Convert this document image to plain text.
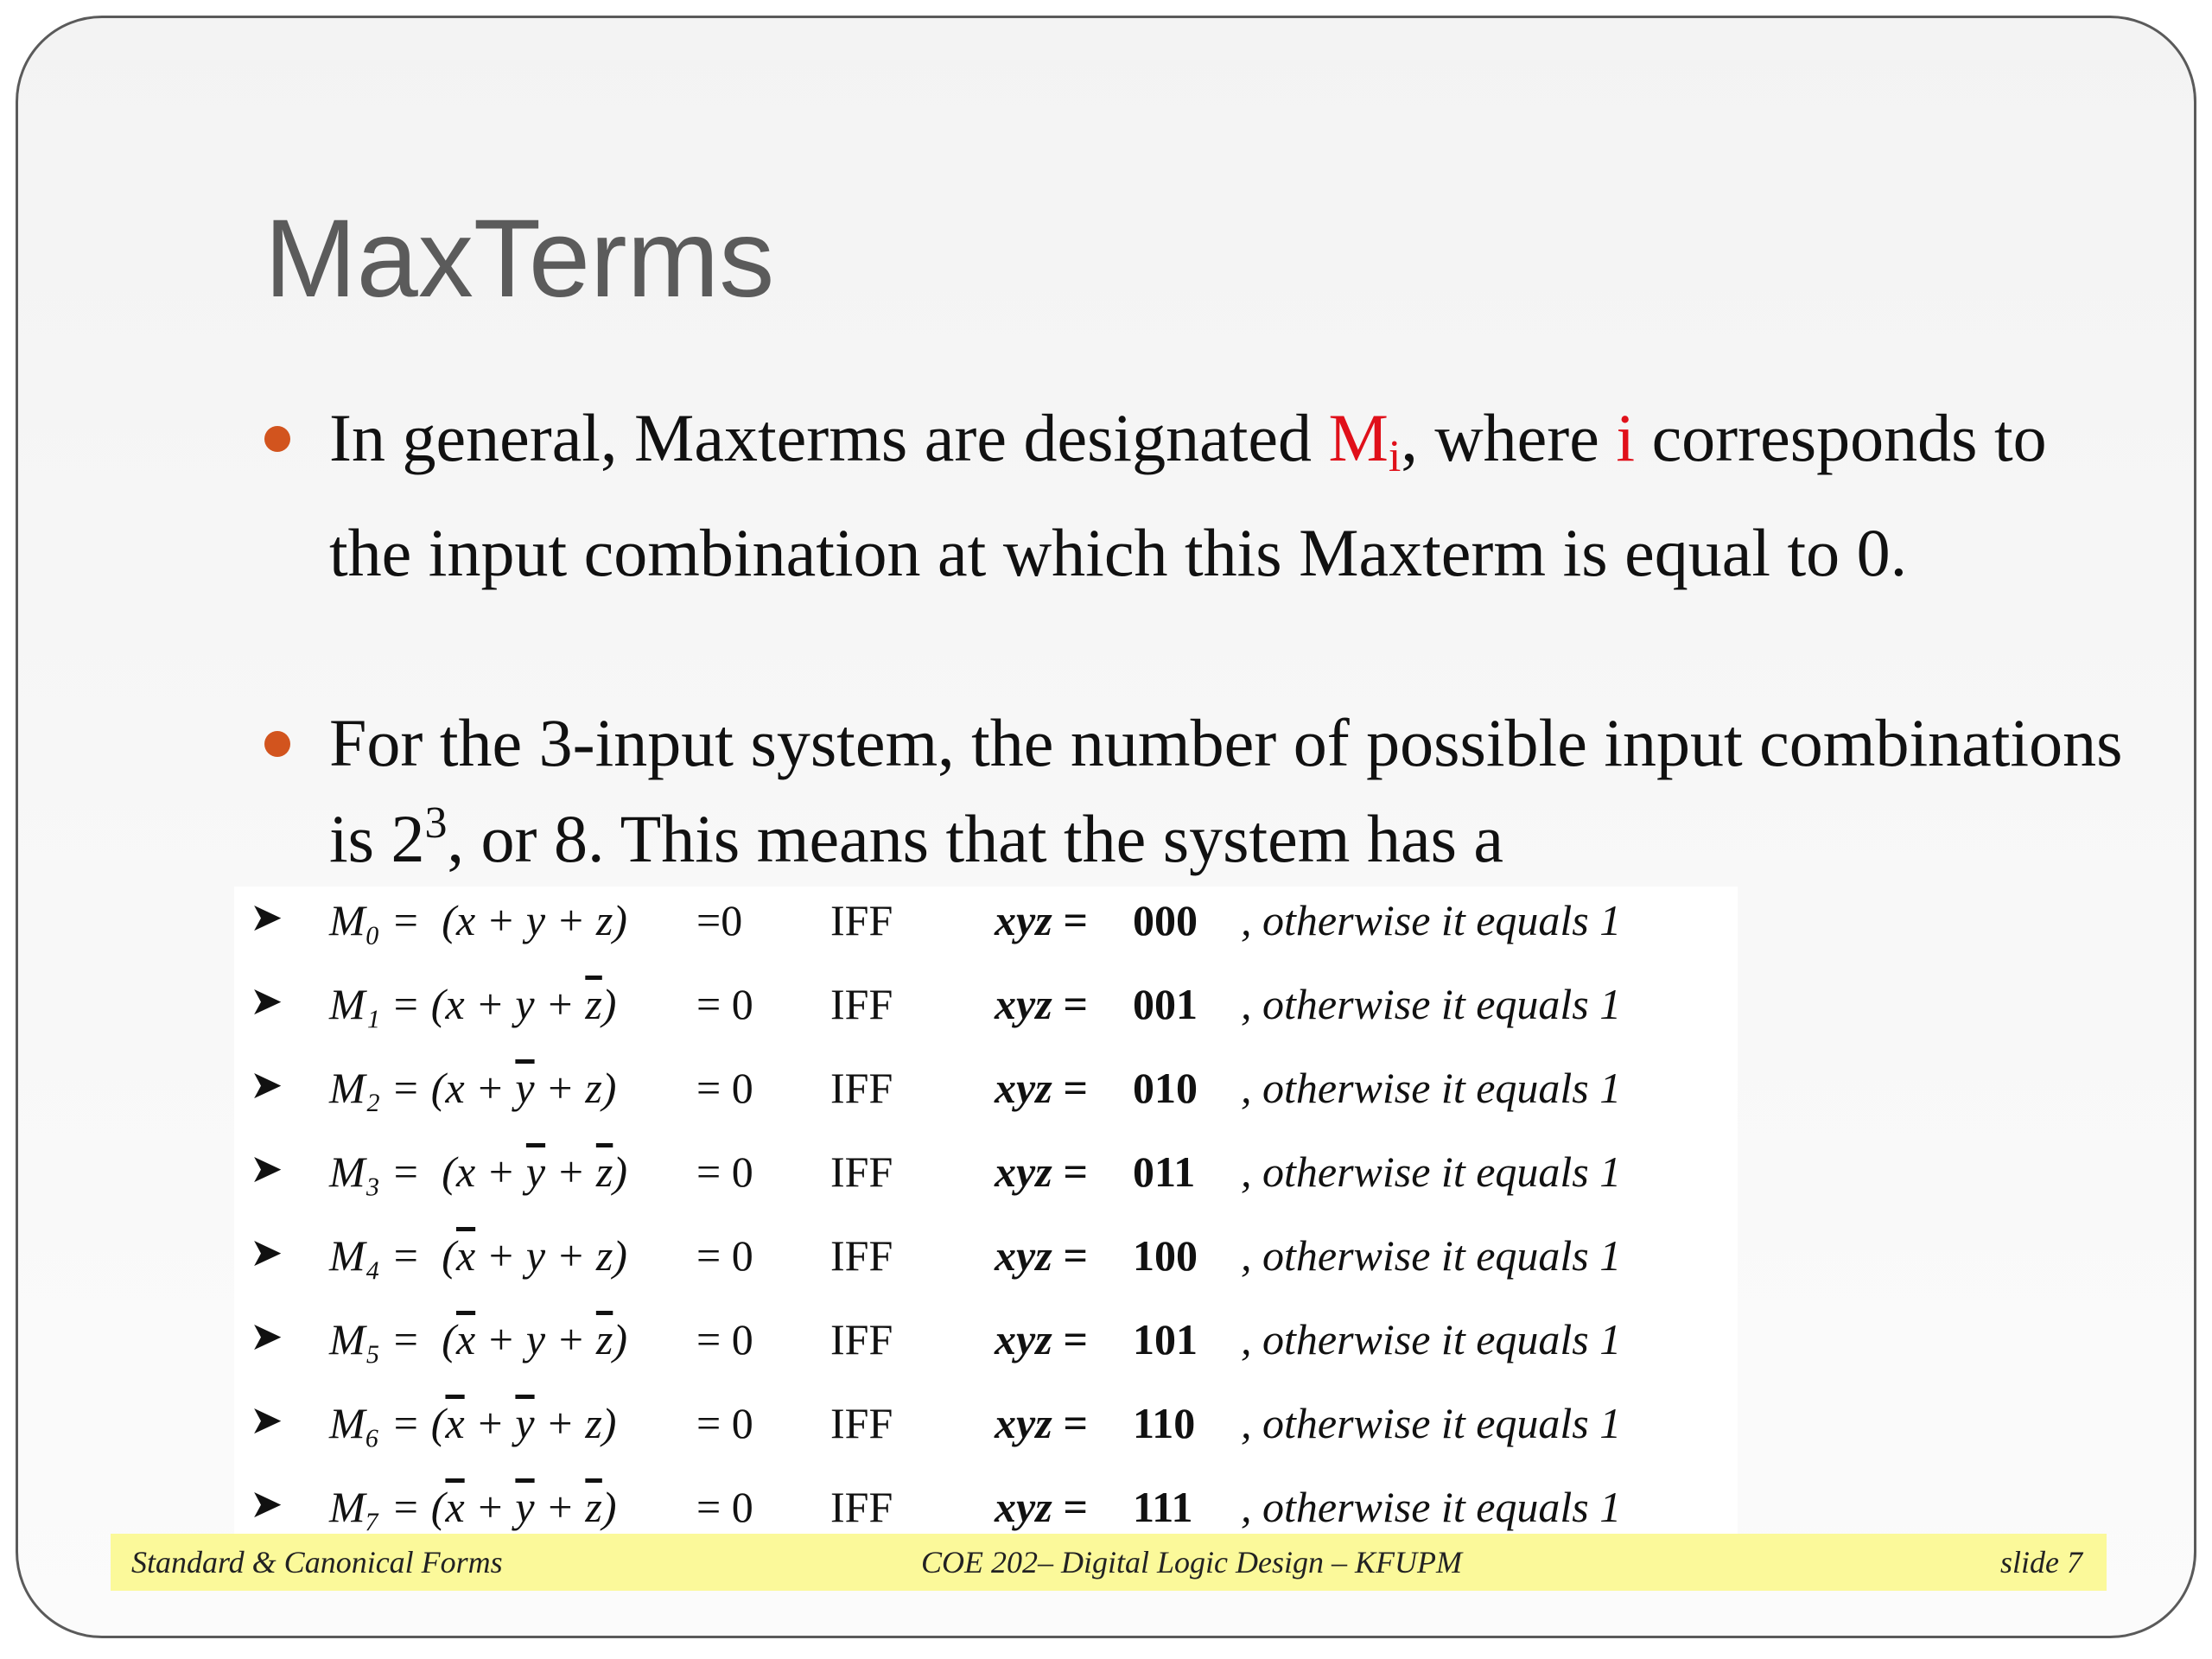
MaxTerms
In general, Maxterms are designated $M_i$, where i corresponds to the input combination at which this Maxterm is equal to 0.
For the 3-input system, the number of possible input combinations is $2^3$, or 8. This means that the system has a
➤ M₀ =  (x + y + z) =0 IFF xyz = 000 , otherwise it equals 1
➤ $M_1 = (x + y + \overline{z}) = 0$ IFF xyz = 001 , otherwise it equals 1
➤ $M_2 = (x + \overline{y} + z) = 0$ IFF xyz = 010 , otherwise it equals 1
➤ $M_3 = (x + \overline{y} + \overline{z}) = 0$ IFF xyz = 011 , otherwise it equals 1
➤ $M_4 = (\overline{x} + y + z) = 0$ IFF xyz = 100 , otherwise it equals 1
➤ $M_5 = (\overline{x} + y + \overline{z}) = 0$ IFF xyz = 101 , otherwise it equals 1
➤ $M_6 = (\overline{x} + \overline{y} + z) = 0$ IFF xyz = 110 , otherwise it equals 1
➤ $M_7 = (\overline{x} + \overline{y} + \overline{z}) = 0$ IFF xyz = 111 , otherwise it equals 1
Standard & Canonical Forms	COE 202– Digital Logic Design – KFUPM	slide 7
